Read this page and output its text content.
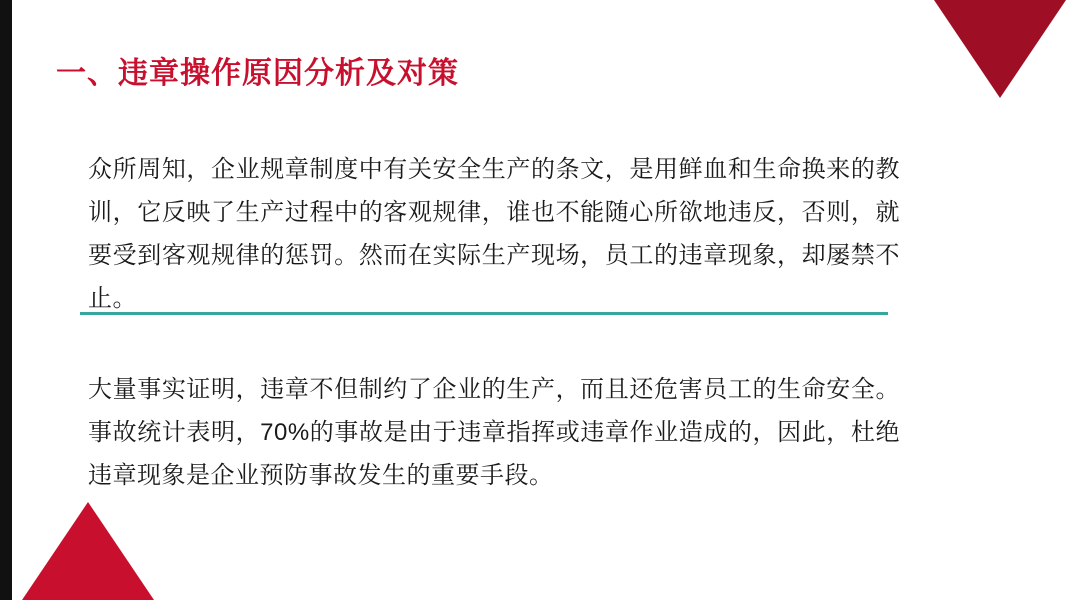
一、违章操作原因分析及对策

众所周知，企业规章制度中有关安全生产的条文，是用鲜血和生命换来的教训，它反映了生产过程中的客观规律，谁也不能随心所欲地违反，否则，就要受到客观规律的惩罚。然而在实际生产现场，员工的违章现象，却屡禁不止。

大量事实证明，违章不但制约了企业的生产，而且还危害员工的生命安全。事故统计表明，70%的事故是由于违章指挥或违章作业造成的，因此，杜绝违章现象是企业预防事故发生的重要手段。
